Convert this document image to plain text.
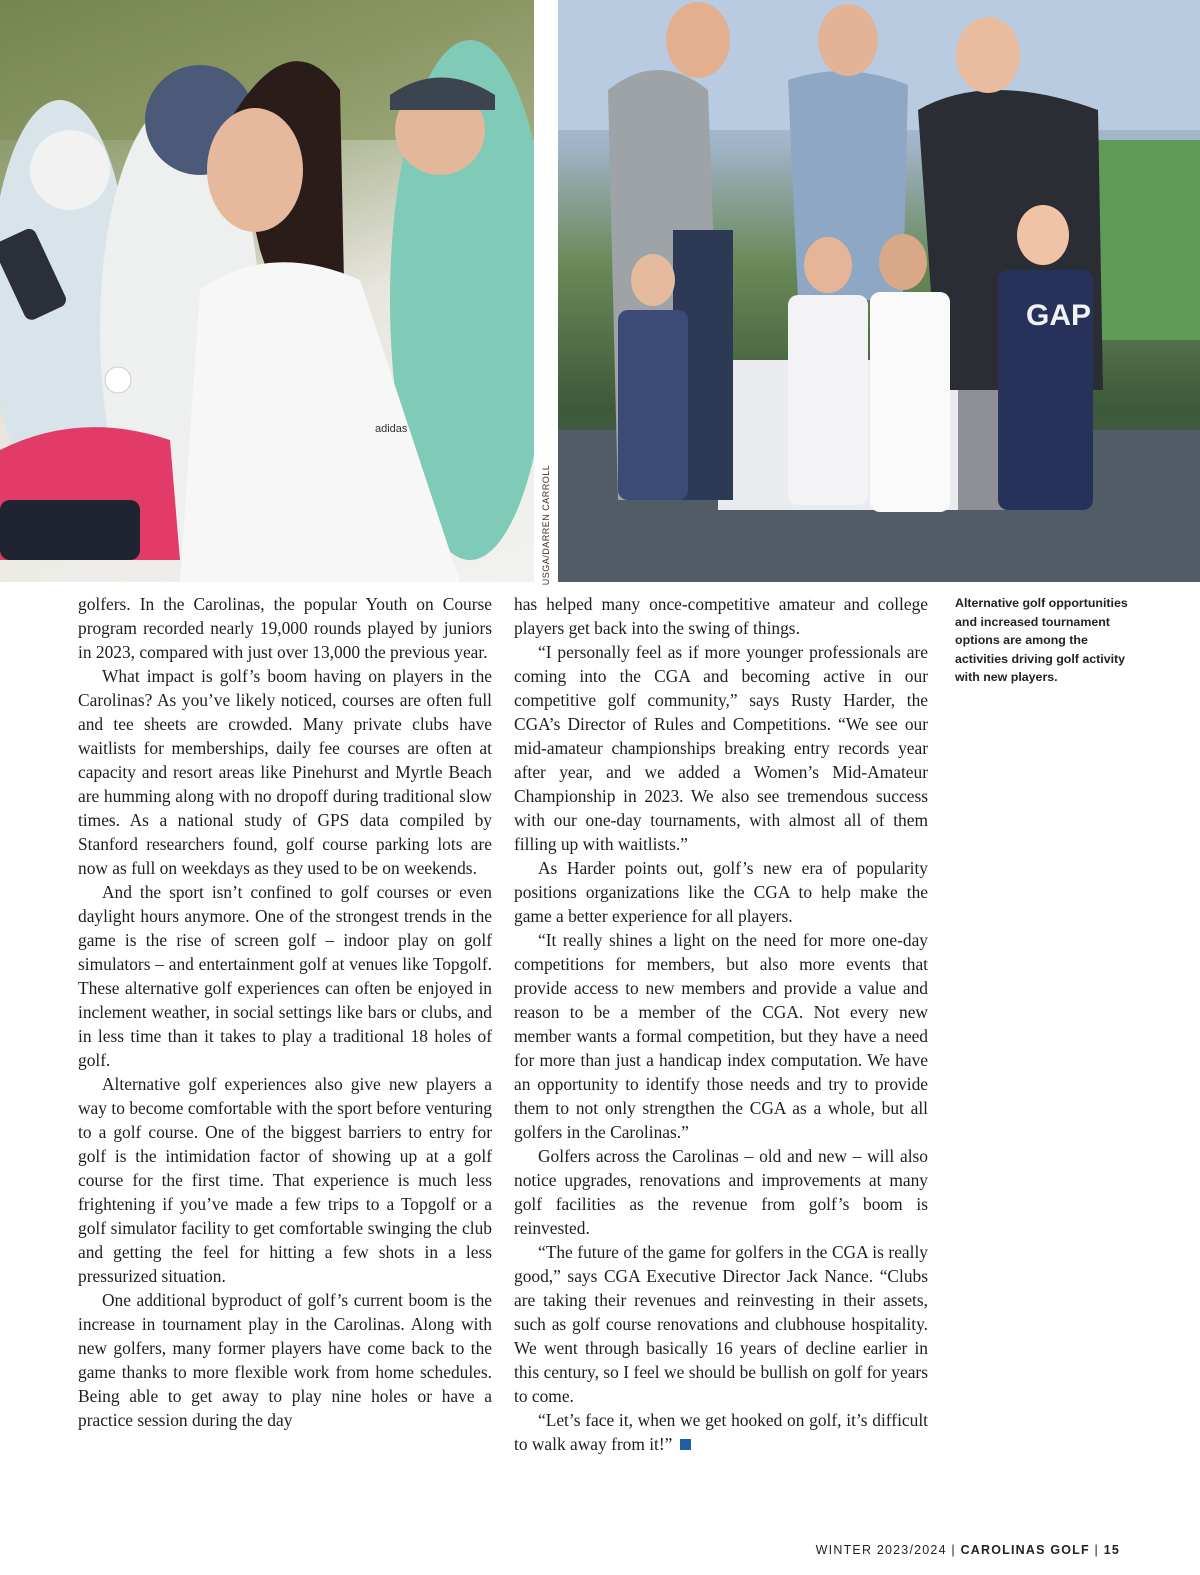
adidas
USGA/DARREN CARROLL
GAP

golfers. In the Carolinas, the popular Youth on Course program recorded nearly 19,000 rounds played by juniors in 2023, compared with just over 13,000 the previous year.

What impact is golf’s boom having on players in the Carolinas? As you’ve likely noticed, courses are often full and tee sheets are crowded. Many private clubs have waitlists for memberships, daily fee courses are often at capacity and resort areas like Pinehurst and Myrtle Beach are humming along with no dropoff during traditional slow times. As a national study of GPS data compiled by Stanford researchers found, golf course parking lots are now as full on weekdays as they used to be on weekends.

And the sport isn’t confined to golf courses or even daylight hours anymore. One of the strongest trends in the game is the rise of screen golf – indoor play on golf simulators – and entertainment golf at venues like Topgolf. These alternative golf experiences can often be enjoyed in inclement weather, in social settings like bars or clubs, and in less time than it takes to play a traditional 18 holes of golf.

Alternative golf experiences also give new players a way to become comfortable with the sport before venturing to a golf course. One of the biggest barriers to entry for golf is the intimidation factor of showing up at a golf course for the first time. That experience is much less frightening if you’ve made a few trips to a Topgolf or a golf simulator facility to get comfortable swinging the club and getting the feel for hitting a few shots in a less pressurized situation.

One additional byproduct of golf’s current boom is the increase in tournament play in the Carolinas. Along with new golfers, many former players have come back to the game thanks to more flexible work from home schedules. Being able to get away to play nine holes or have a practice session during the day

has helped many once-competitive amateur and college players get back into the swing of things.

“I personally feel as if more younger professionals are coming into the CGA and becoming active in our competitive golf community,” says Rusty Harder, the CGA’s Director of Rules and Competitions. “We see our mid-amateur championships breaking entry records year after year, and we added a Women’s Mid-Amateur Championship in 2023. We also see tremendous success with our one-day tournaments, with almost all of them filling up with waitlists.”

As Harder points out, golf’s new era of popularity positions organizations like the CGA to help make the game a better experience for all players.

“It really shines a light on the need for more one-day competitions for members, but also more events that provide access to new members and provide a value and reason to be a member of the CGA. Not every new member wants a formal competition, but they have a need for more than just a handicap index computation. We have an opportunity to identify those needs and try to provide them to not only strengthen the CGA as a whole, but all golfers in the Carolinas.”

Golfers across the Carolinas – old and new – will also notice upgrades, renovations and improvements at many golf facilities as the revenue from golf’s boom is reinvested.

“The future of the game for golfers in the CGA is really good,” says CGA Executive Director Jack Nance. “Clubs are taking their revenues and reinvesting in their assets, such as golf course renovations and clubhouse hospitality. We went through basically 16 years of decline earlier in this century, so I feel we should be bullish on golf for years to come.

“Let’s face it, when we get hooked on golf, it’s difficult to walk away from it!”

Alternative golf opportunities and increased tournament options are among the activities driving golf activity with new players.
WINTER 2023/2024 | CAROLINAS GOLF | 15
